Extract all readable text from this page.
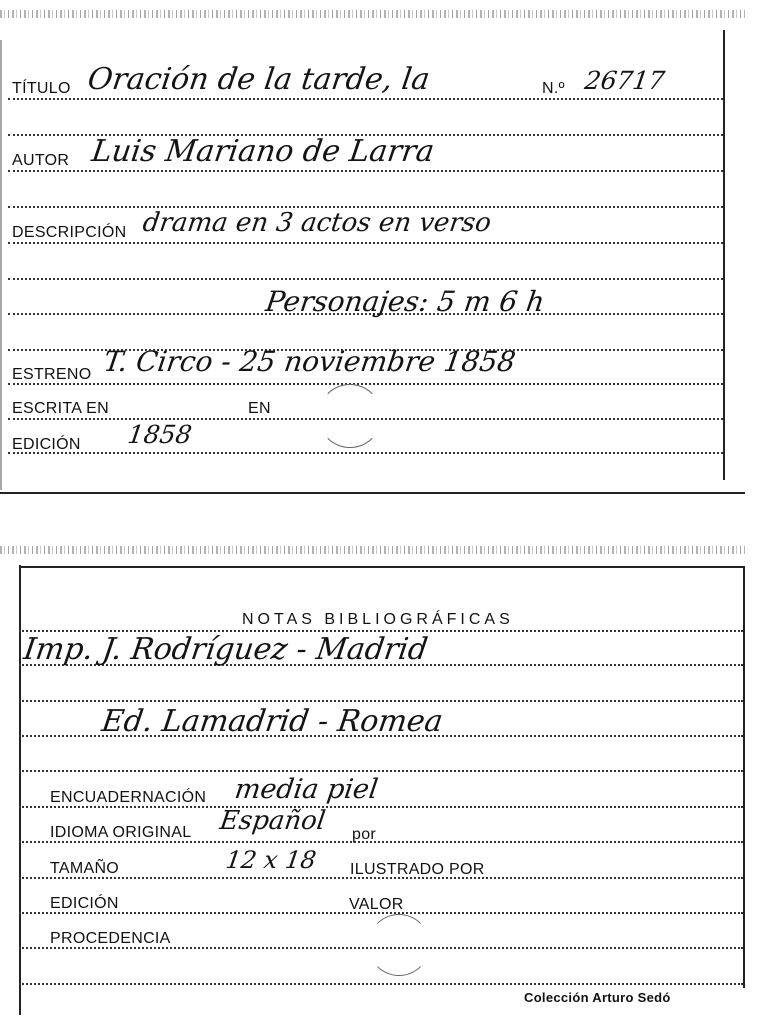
TÍTULO Oración de la tarde, la	N.º 26717
AUTOR Luis Mariano de Larra
DESCRIPCIÓN drama en 3 actos en verso
Personajes: 5 m 6 h
ESTRENO T. Circo - 25 noviembre 1858
ESCRITA EN	EN
EDICIÓN 1858
NOTAS BIBLIOGRÁFICAS
Imp. J. Rodríguez - Madrid
Ed. Lamadrid - Romea
ENCUADERNACIÓN media piel
IDIOMA ORIGINAL Español por
TAMAÑO	12 x 18 ILUSTRADO POR
EDICIÓN	VALOR
PROCEDENCIA
Colección Arturo Sedó
